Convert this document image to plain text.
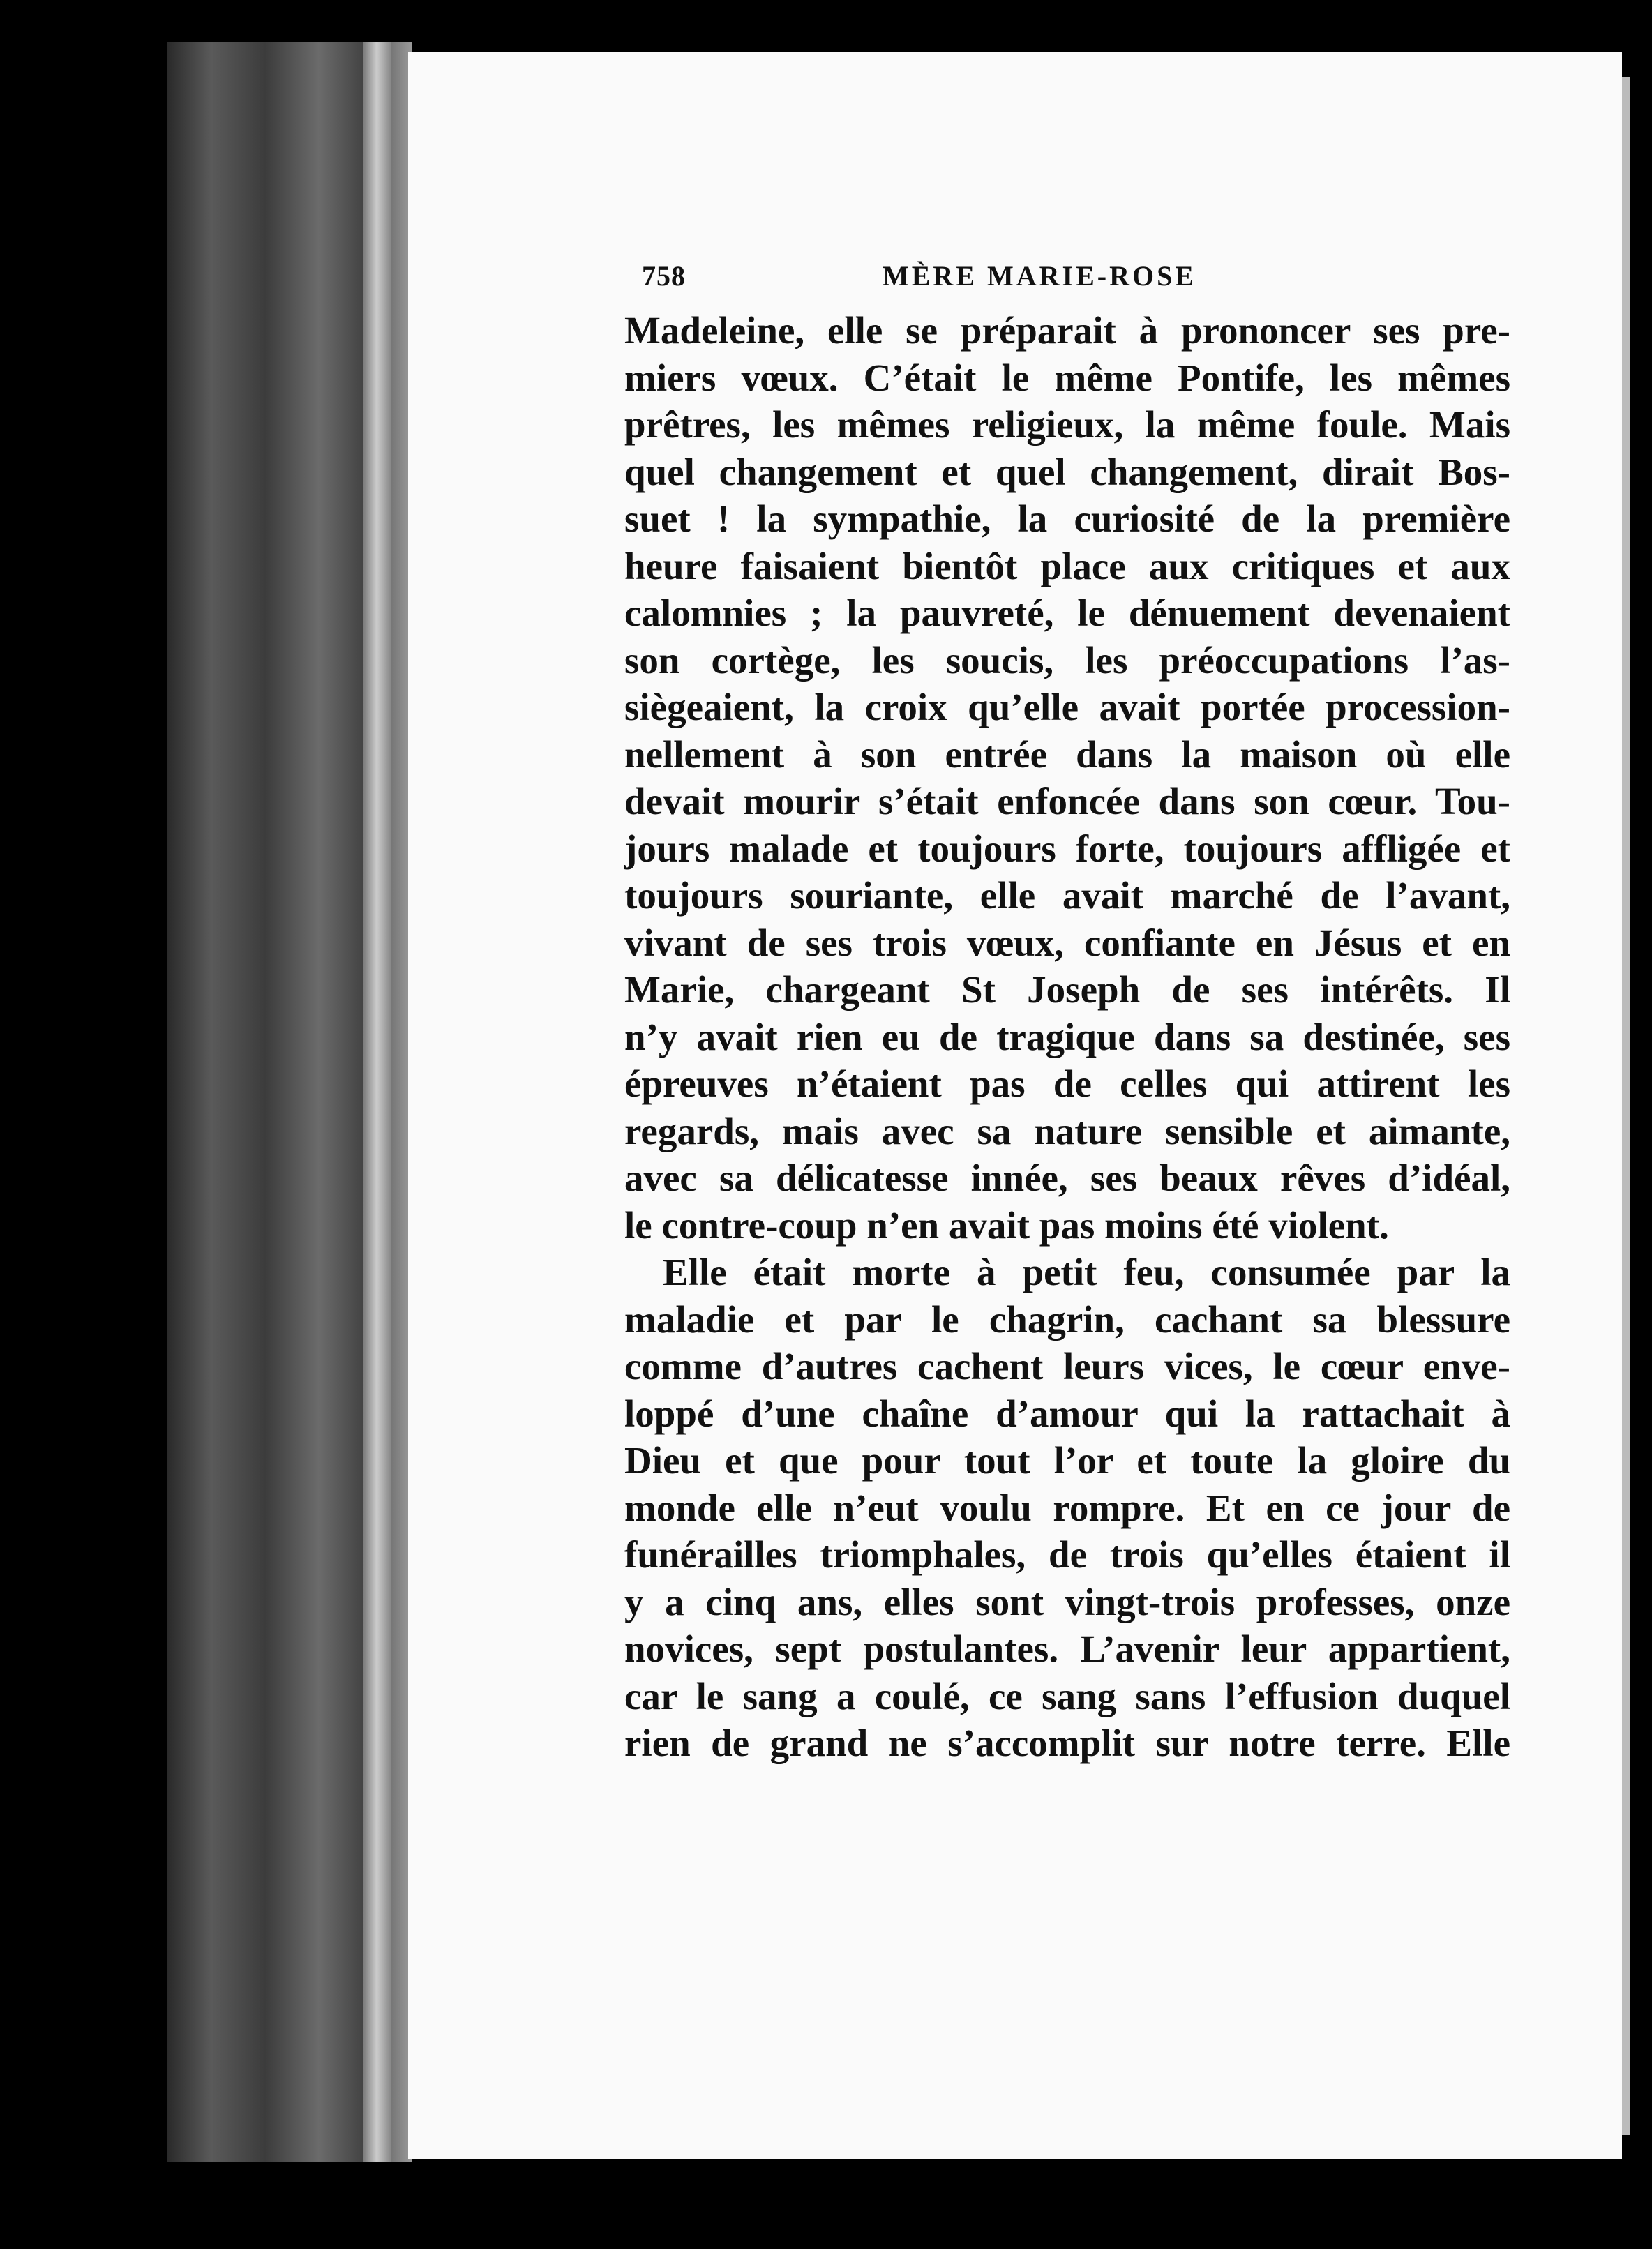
758	MÈRE MARIE-ROSE
Madeleine, elle se préparait à prononcer ses pre-
miers vœux. C’était le même Pontife, les mêmes
prêtres, les mêmes religieux, la même foule. Mais
quel changement et quel changement, dirait Bos-
suet ! la sympathie, la curiosité de la première
heure faisaient bientôt place aux critiques et aux
calomnies ; la pauvreté, le dénuement devenaient
son cortège, les soucis, les préoccupations l’as-
siègeaient, la croix qu’elle avait portée procession-
nellement à son entrée dans la maison où elle
devait mourir s’était enfoncée dans son cœur. Tou-
jours malade et toujours forte, toujours affligée et
toujours souriante, elle avait marché de l’avant,
vivant de ses trois vœux, confiante en Jésus et en
Marie, chargeant St Joseph de ses intérêts. Il
n’y avait rien eu de tragique dans sa destinée, ses
épreuves n’étaient pas de celles qui attirent les
regards, mais avec sa nature sensible et aimante,
avec sa délicatesse innée, ses beaux rêves d’idéal,
le contre-coup n’en avait pas moins été violent.
Elle était morte à petit feu, consumée par la
maladie et par le chagrin, cachant sa blessure
comme d’autres cachent leurs vices, le cœur enve-
loppé d’une chaîne d’amour qui la rattachait à
Dieu et que pour tout l’or et toute la gloire du
monde elle n’eut voulu rompre. Et en ce jour de
funérailles triomphales, de trois qu’elles étaient il
y a cinq ans, elles sont vingt-trois professes, onze
novices, sept postulantes. L’avenir leur appartient,
car le sang a coulé, ce sang sans l’effusion duquel
rien de grand ne s’accomplit sur notre terre. Elle
